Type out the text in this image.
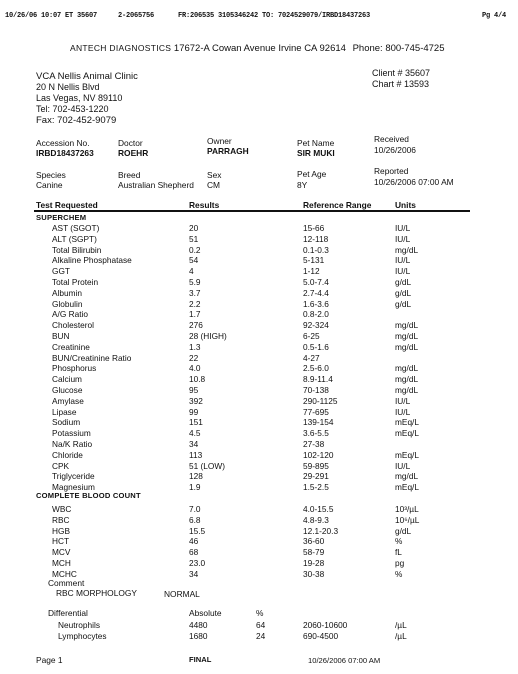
10/26/06 10:07 ET 35607	2-2065756	FR:206535 3105346242 TO: 7024529079/IRBD18437263	Pg 4/4
ANTECH DIAGNOSTICS 17672-A Cowan Avenue Irvine CA 92614 Phone: 800-745-4725
VCA Nellis Animal Clinic
20 N Nellis Blvd
Las Vegas, NV 89110
Tel: 702-453-1220
Fax: 702-452-9079
Client # 35607
Chart # 13593
Accession No.	Doctor	Owner	Pet Name	Received
IRBD18437263	ROEHR	PARRAGH	SIR MUKI	10/26/2006
Species	Breed	Sex	Pet Age	Reported
Canine	Australian Shepherd CM	8Y	10/26/2006 07:00 AM
Test Requested	Results	Reference Range	Units
SUPERCHEM
AST (SGOT)	20	15-66	IU/L
ALT (SGPT)	51	12-118	IU/L
Total Bilirubin	0.2	0.1-0.3	mg/dL
Alkaline Phosphatase	54	5-131	IU/L
GGT	4	1-12	IU/L
Total Protein	5.9	5.0-7.4	g/dL
Albumin	3.7	2.7-4.4	g/dL
Globulin	2.2	1.6-3.6	g/dL
A/G Ratio	1.7	0.8-2.0
Cholesterol	276	92-324	mg/dL
BUN	28 (HIGH)	6-25	mg/dL
Creatinine	1.3	0.5-1.6	mg/dL
BUN/Creatinine Ratio	22	4-27
Phosphorus	4.0	2.5-6.0	mg/dL
Calcium	10.8	8.9-11.4	mg/dL
Glucose	95	70-138	mg/dL
Amylase	392	290-1125	IU/L
Lipase	99	77-695	IU/L
Sodium	151	139-154	mEq/L
Potassium	4.5	3.6-5.5	mEq/L
Na/K Ratio	34	27-38
Chloride	113	102-120	mEq/L
CPK	51 (LOW)	59-895	IU/L
Triglyceride	128	29-291	mg/dL
Magnesium	1.9	1.5-2.5	mEq/L
COMPLETE BLOOD COUNT
WBC	7.0	4.0-15.5	10³/µL
RBC	6.8	4.8-9.3	10⁶/µL
HGB	15.5	12.1-20.3	g/dL
HCT	46	36-60	%
MCV	68	58-79	fL
MCH	23.0	19-28	pg
MCHC	34	30-38	%
Comment
RBC MORPHOLOGY	NORMAL
Differential	Absolute	%
Neutrophils	4480	64	2060-10600	/µL
Lymphocytes	1680	24	690-4500	/µL
Page 1	FINAL	10/26/2006 07:00 AM
